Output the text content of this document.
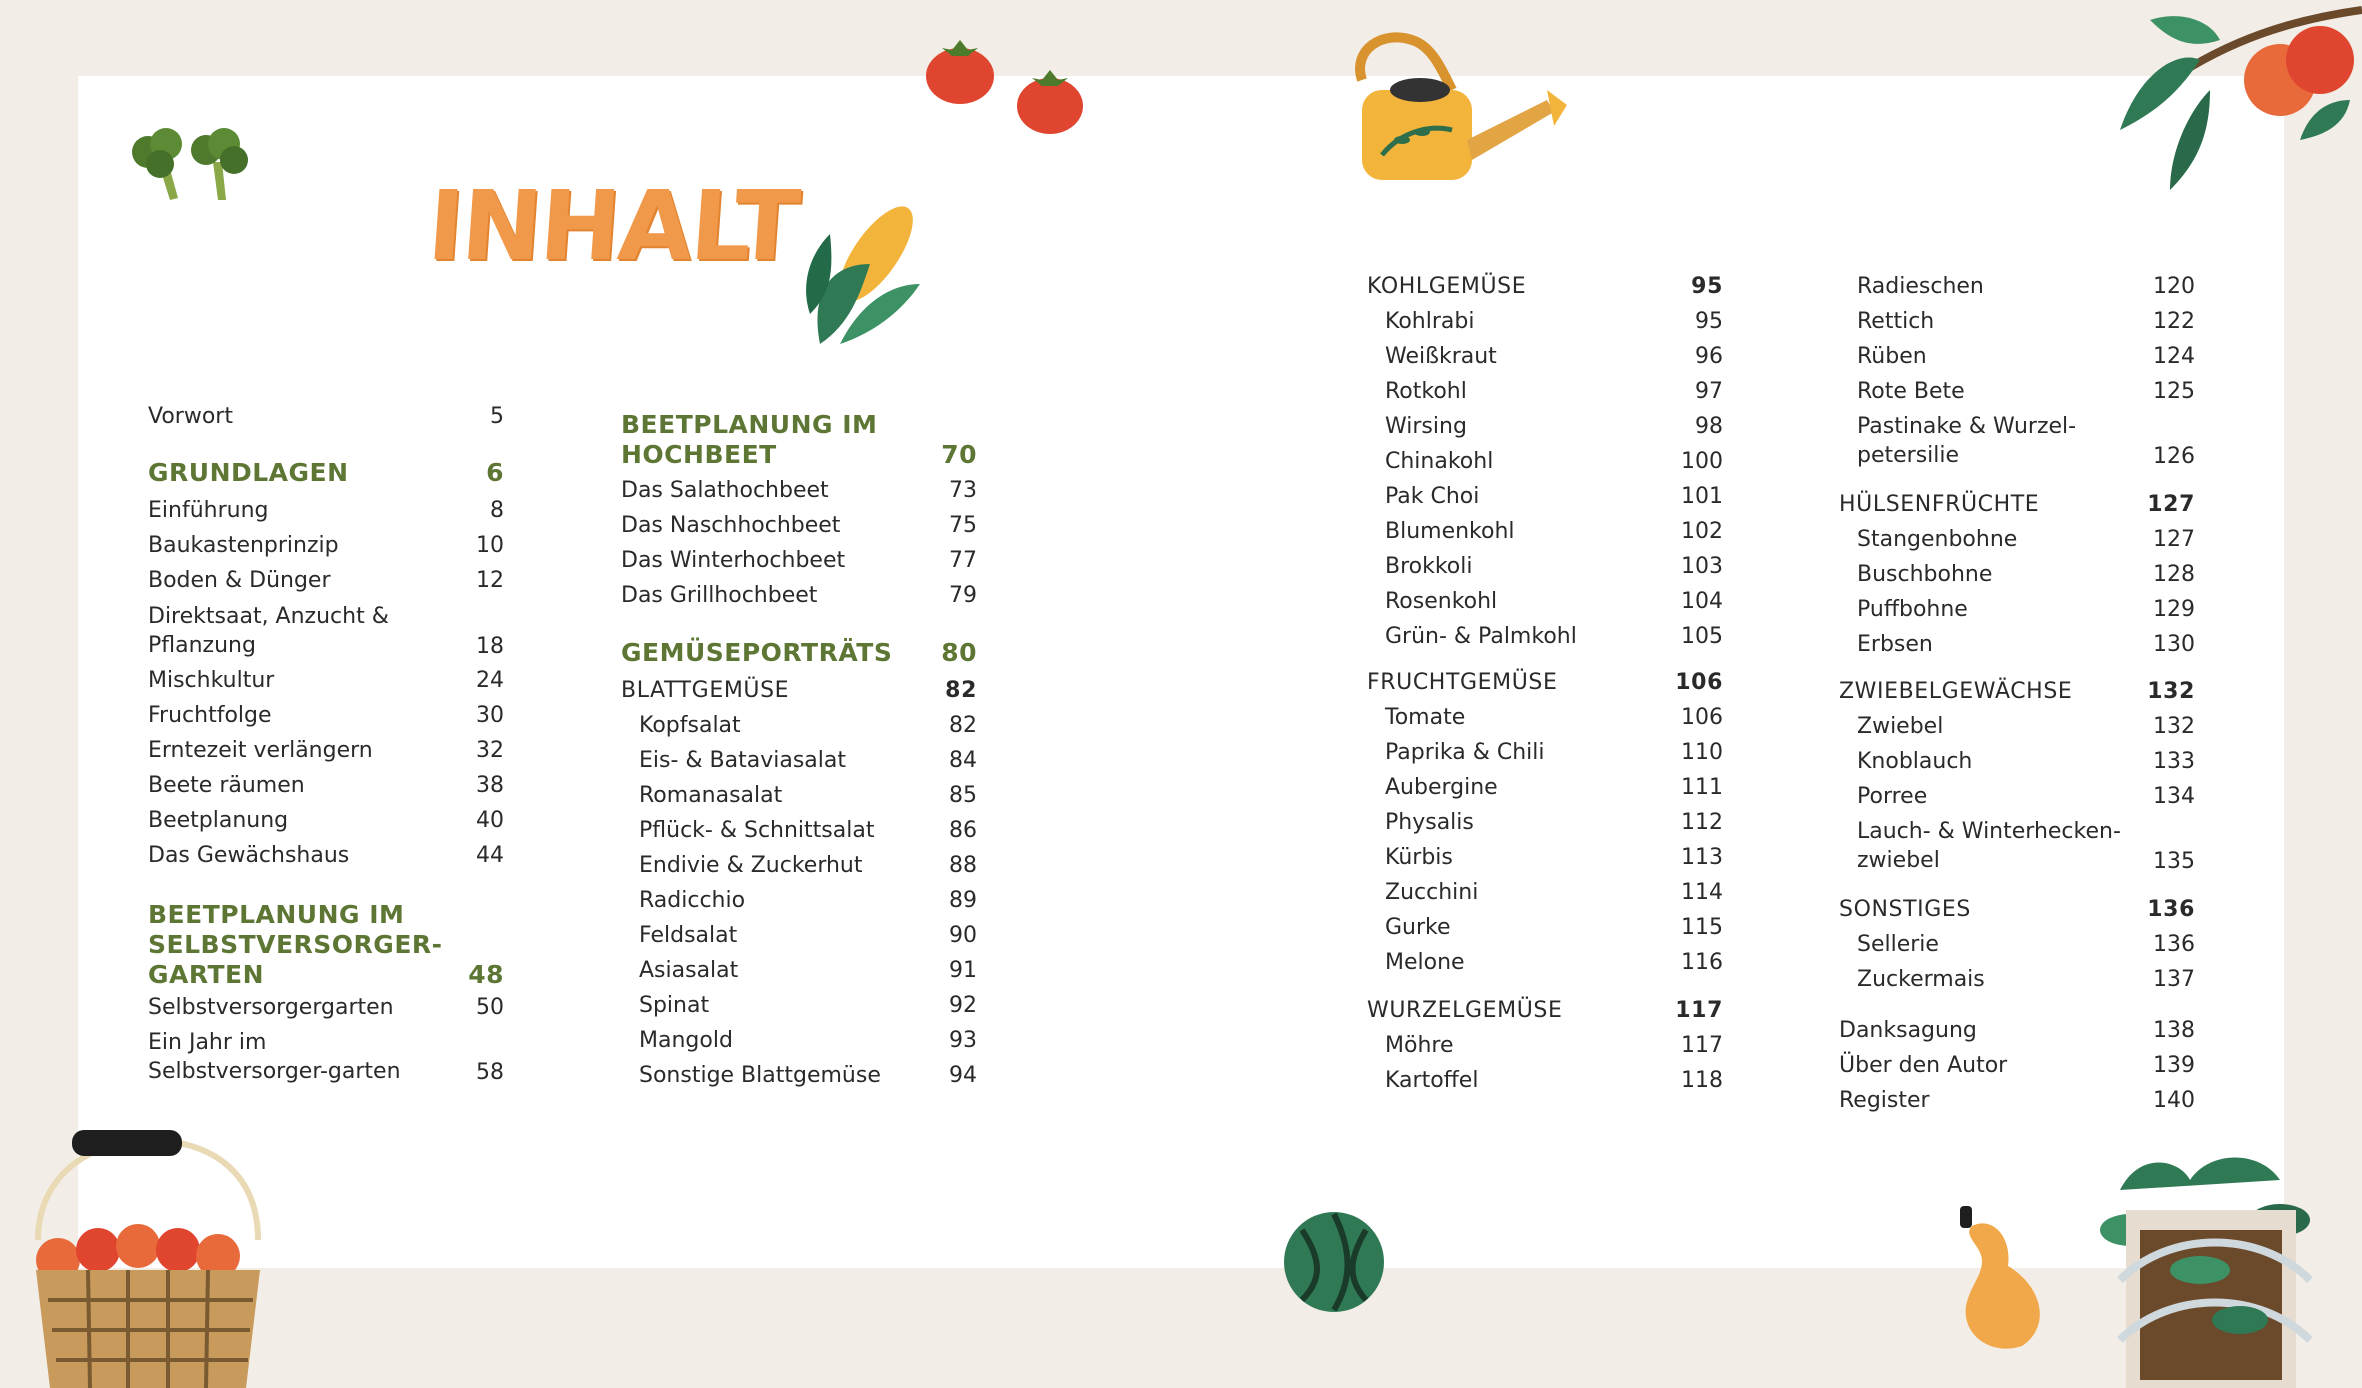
INHALT
Vorwort	5
GRUNDLAGEN	6
Einführung	8
Baukastenprinzip	10
Boden & Dünger	12
Direktsaat, Anzucht & Pflanzung	18
Mischkultur	24
Fruchtfolge	30
Erntezeit verlängern	32
Beete räumen	38
Beetplanung	40
Das Gewächshaus	44
BEETPLANUNG IM SELBSTVERSORGER-GARTEN	48
Selbstversorgergarten	50
Ein Jahr im Selbstversorger-garten	58
BEETPLANUNG IM HOCHBEET	70
Das Salathochbeet	73
Das Naschhochbeet	75
Das Winterhochbeet	77
Das Grillhochbeet	79
GEMÜSEPORTRÄTS 80
BLATTGEMÜSE	82
Kopfsalat	82
Eis- & Bataviasalat	84
Romanasalat	85
Pflück- & Schnittsalat	86
Endivie & Zuckerhut	88
Radicchio	89
Feldsalat	90
Asiasalat	91
Spinat	92
Mangold	93
Sonstige Blattgemüse	94
KOHLGEMÜSE	95
Kohlrabi	95
Weißkraut	96
Rotkohl	97
Wirsing	98
Chinakohl	100
Pak Choi	101
Blumenkohl	102
Brokkoli	103
Rosenkohl	104
Grün- & Palmkohl	105
FRUCHTGEMÜSE	106
Tomate	106
Paprika & Chili	110
Aubergine	111
Physalis	112
Kürbis	113
Zucchini	114
Gurke	115
Melone	116
WURZELGEMÜSE	117
Möhre	117
Kartoffel	118
Radieschen	120
Rettich	122
Rüben	124
Rote Bete	125
Pastinake & Wurzel-petersilie	126
HÜLSENFRÜCHTE	127
Stangenbohne	127
Buschbohne	128
Puffbohne	129
Erbsen	130
ZWIEBELGEWÄCHSE	132
Zwiebel	132
Knoblauch	133
Porree	134
Lauch- & Winterhecken-zwiebel	135
SONSTIGES	136
Sellerie	136
Zuckermais	137
Danksagung	138
Über den Autor	139
Register	140
